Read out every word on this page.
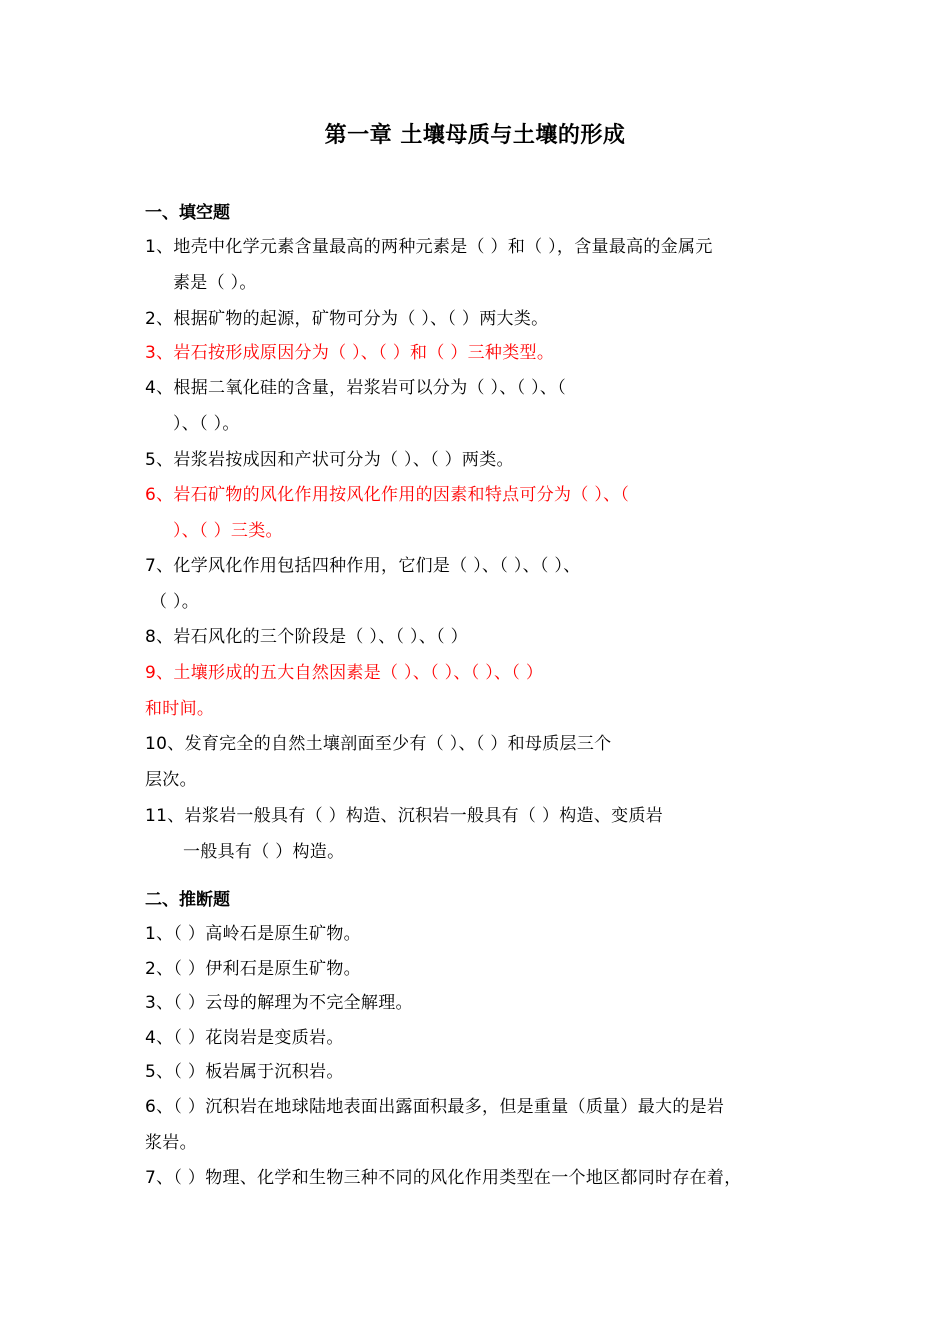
第一章 土壤母质与土壤的形成
一、填空题
1、地壳中化学元素含量最高的两种元素是（ ）和（ ），含量最高的金属元
素是（ ）。
2、根据矿物的起源，矿物可分为（ ）、（ ）两大类。
3、岩石按形成原因分为（ ）、（ ）和（ ）三种类型。
4、根据二氧化硅的含量，岩浆岩可以分为（ ）、（ ）、（
）、（ ）。
5、岩浆岩按成因和产状可分为（ ）、（ ）两类。
6、岩石矿物的风化作用按风化作用的因素和特点可分为（ ）、（
）、（ ）三类。
7、化学风化作用包括四种作用，它们是（ ）、（ ）、（ ）、
（ ）。
8、岩石风化的三个阶段是（ ）、（ ）、（ ）
9、土壤形成的五大自然因素是（ ）、（ ）、（ ）、（ ）
和时间。
10、发育完全的自然土壤剖面至少有（ ）、（ ）和母质层三个
层次。
11、岩浆岩一般具有（ ）构造、沉积岩一般具有（ ）构造、变质岩
一般具有（ ）构造。
二、推断题
1、（ ）高岭石是原生矿物。
2、（ ）伊利石是原生矿物。
3、（ ）云母的解理为不完全解理。
4、（ ）花岗岩是变质岩。
5、（ ）板岩属于沉积岩。
6、（ ）沉积岩在地球陆地表面出露面积最多，但是重量（质量）最大的是岩
浆岩。
7、（ ）物理、化学和生物三种不同的风化作用类型在一个地区都同时存在着，
